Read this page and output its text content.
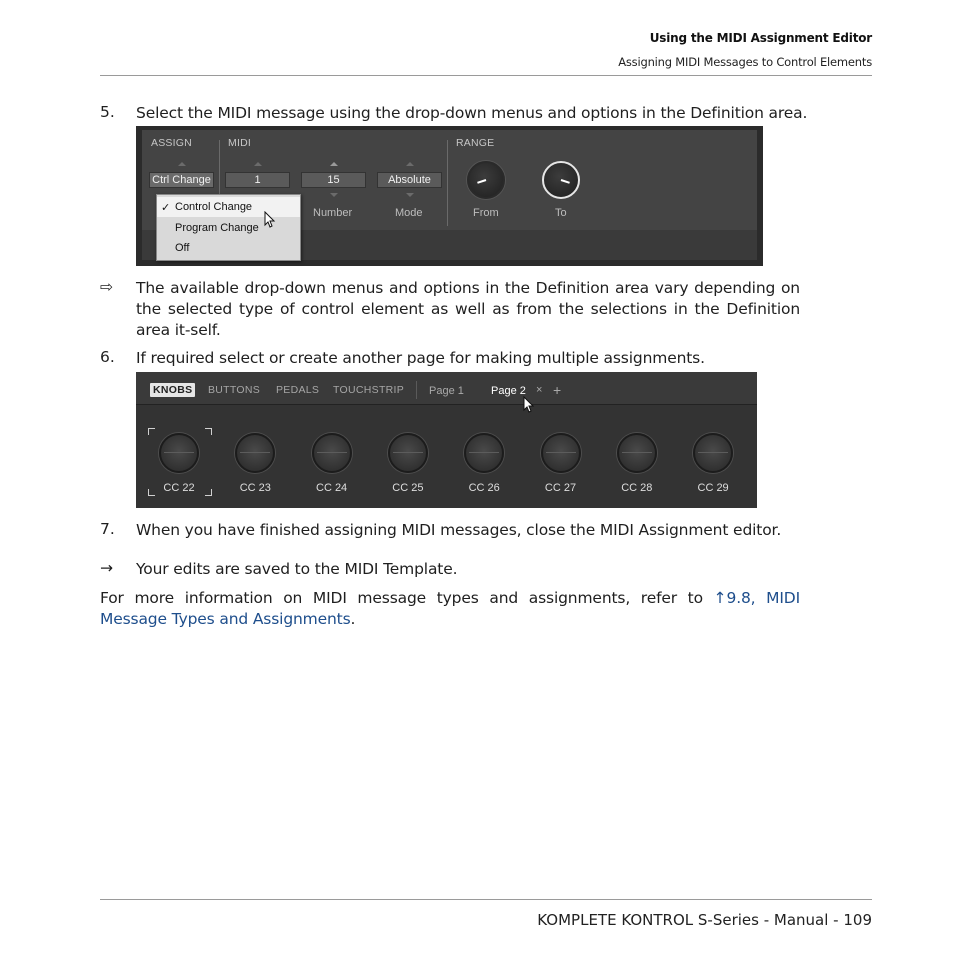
Using the MIDI Assignment Editor
Assigning MIDI Messages to Control Elements
5. Select the MIDI message using the drop-down menus and options in the Definition area.
ASSIGN	MIDI	RANGE
Ctrl Change	1	15	Absolute
Number	Mode	From	To
✓ Control Change
Program Change
Off
⇨ The available drop-down menus and options in the Definition area vary depending on the selected type of control element as well as from the selections in the Definition area it-self.
6. If required select or create another page for making multiple assignments.
KNOBS BUTTONS PEDALS TOUCHSTRIP Page 1 Page 2 × +
CC 22	CC 23	CC 24	CC 25	CC 26	CC 27	CC 28	CC 29
7. When you have finished assigning MIDI messages, close the MIDI Assignment editor.
→ Your edits are saved to the MIDI Template.
For more information on MIDI message types and assignments, refer to ↑9.8, MIDI Message Types and Assignments.
KOMPLETE KONTROL S-Series - Manual - 109
